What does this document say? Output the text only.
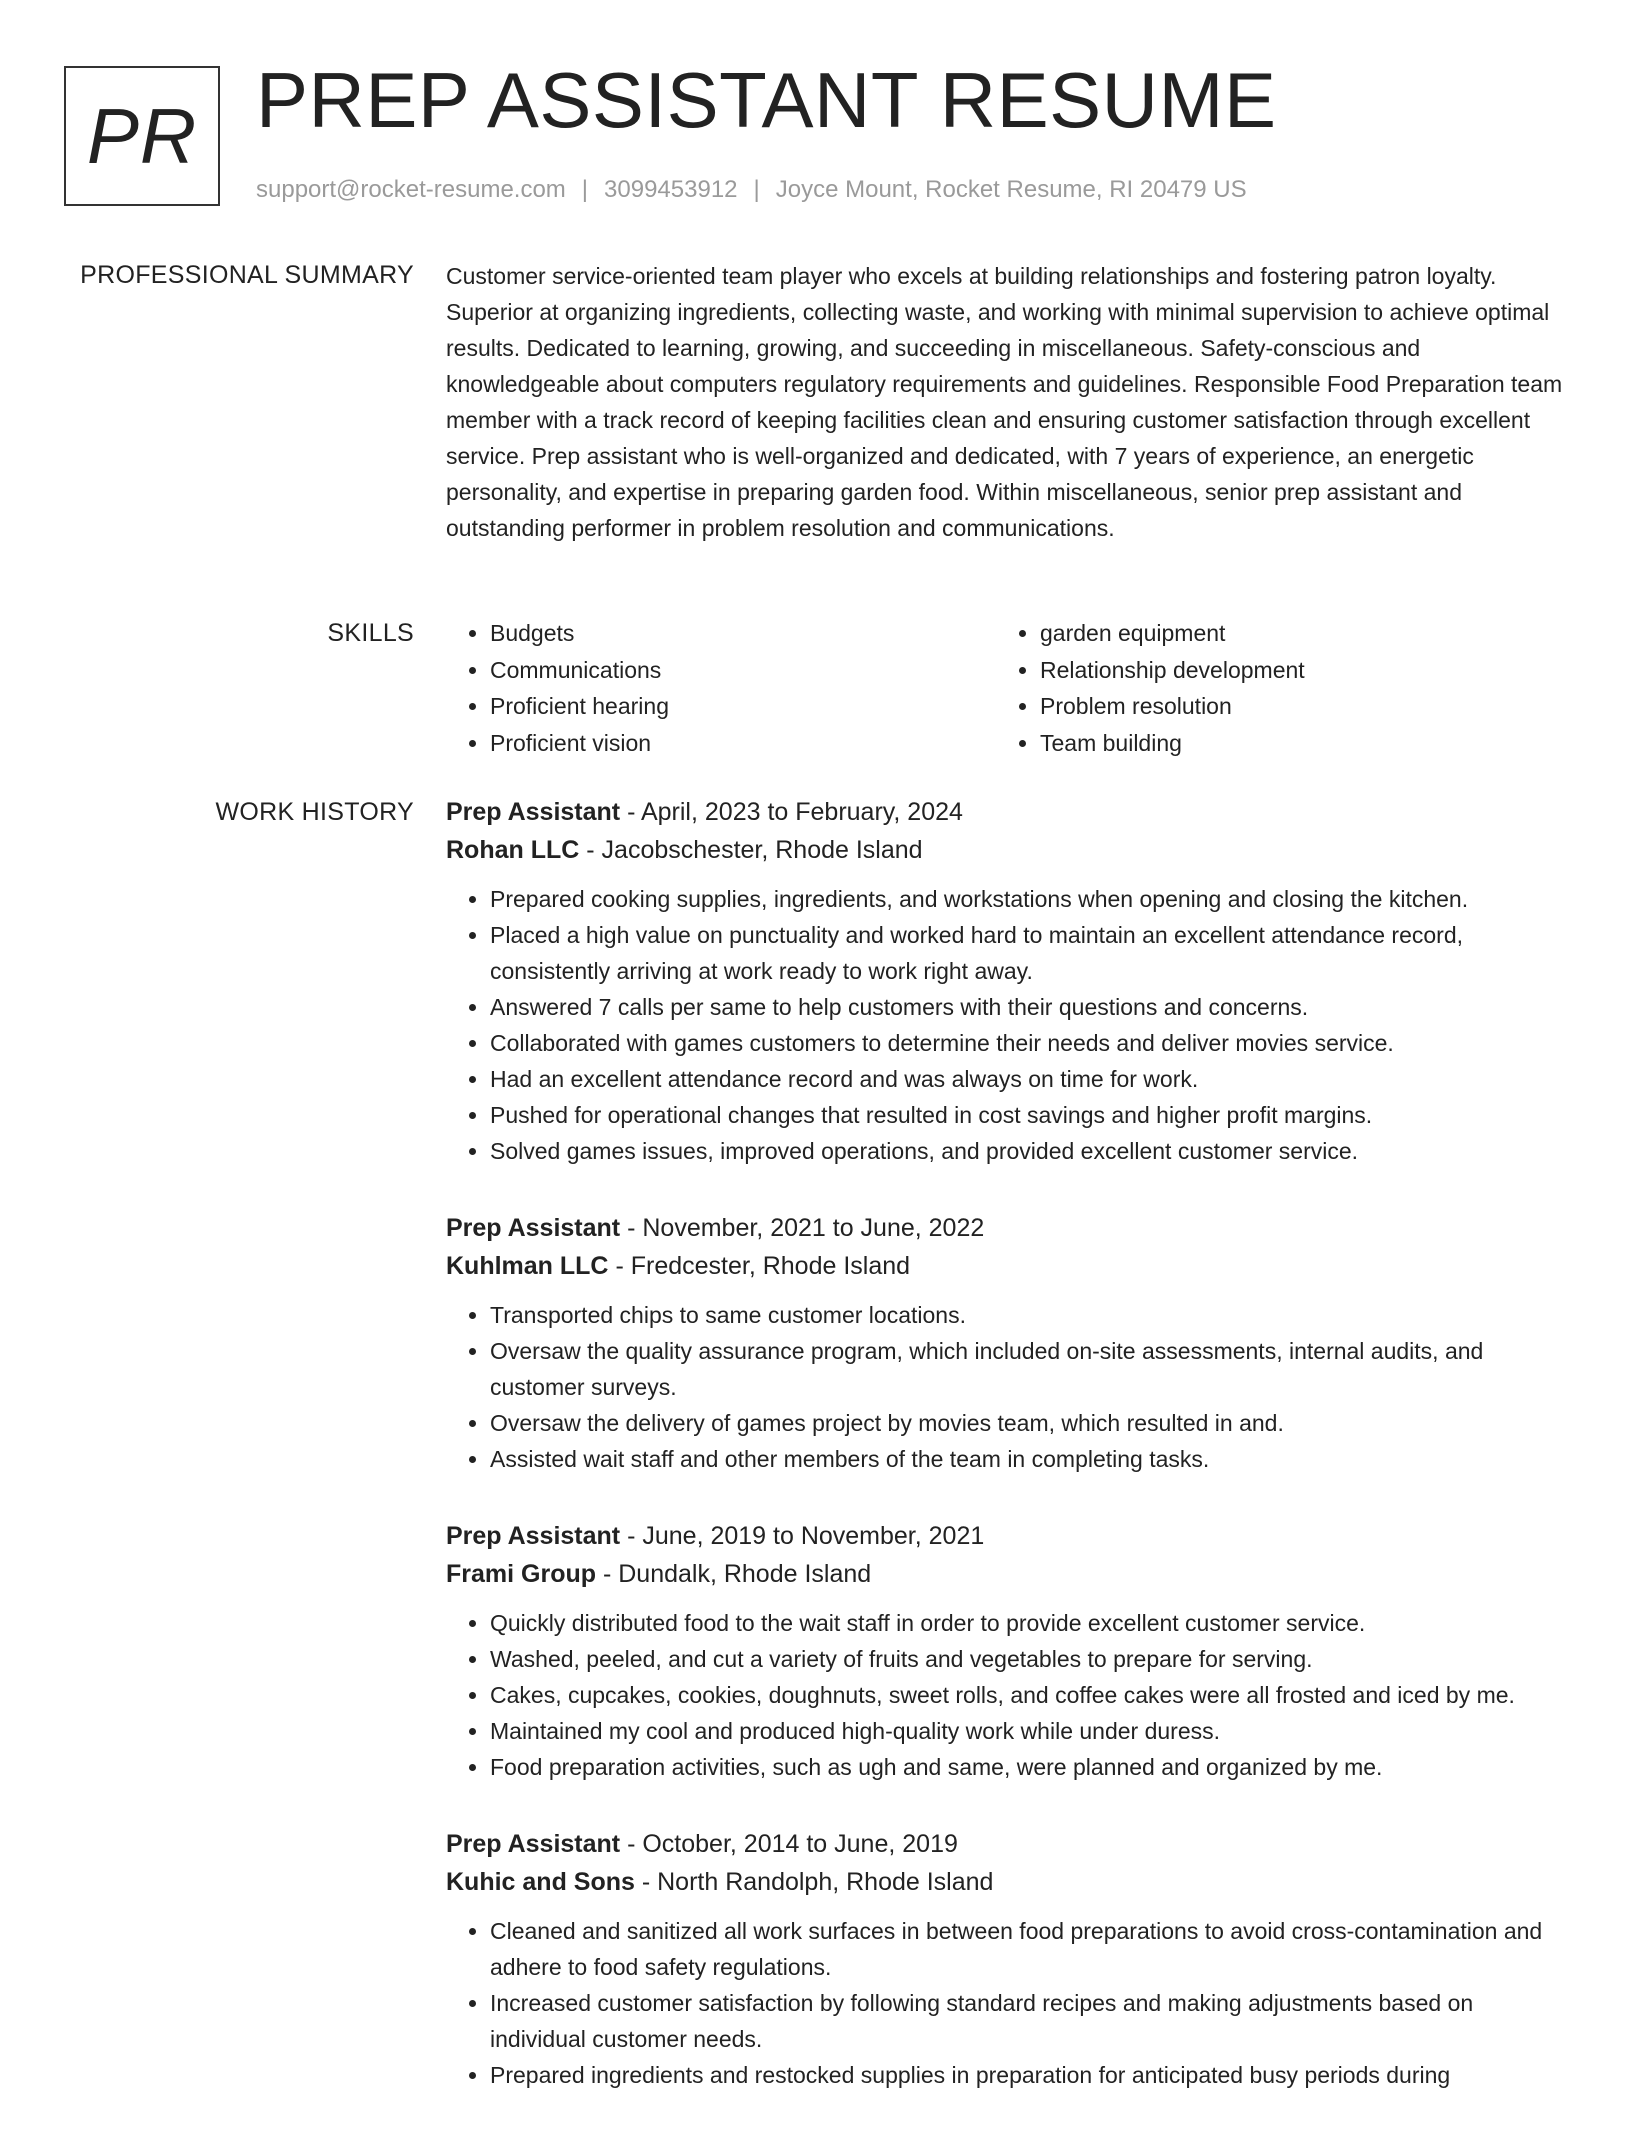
PR PREP ASSISTANT RESUME
support@rocket-resume.com | 3099453912 | Joyce Mount, Rocket Resume, RI 20479 US
PROFESSIONAL SUMMARY Customer service-oriented team player who excels at building relationships and fostering patron loyalty. Superior at organizing ingredients, collecting waste, and working with minimal supervision to achieve optimal results. Dedicated to learning, growing, and succeeding in miscellaneous. Safety-conscious and knowledgeable about computers regulatory requirements and guidelines. Responsible Food Preparation team member with a track record of keeping facilities clean and ensuring customer satisfaction through excellent service. Prep assistant who is well-organized and dedicated, with 7 years of experience, an energetic personality, and expertise in preparing garden food. Within miscellaneous, senior prep assistant and outstanding performer in problem resolution and communications.

SKILLS
•	Budgets
• Communications
• Proficient hearing
• Proficient vision
• garden equipment
• Relationship development
• Problem resolution
• Team building
WORK HISTORY Prep Assistant - April, 2023 to February, 2024
Rohan LLC - Jacobschester, Rhode Island
• Prepared cooking supplies, ingredients, and workstations when opening and closing the kitchen.
• Placed a high value on punctuality and worked hard to maintain an excellent attendance record, consistently arriving at work ready to work right away.
• Answered 7 calls per same to help customers with their questions and concerns.
• Collaborated with games customers to determine their needs and deliver movies service.
• Had an excellent attendance record and was always on time for work.
• Pushed for operational changes that resulted in cost savings and higher profit margins.
• Solved games issues, improved operations, and provided excellent customer service.
Prep Assistant - November, 2021 to June, 2022
Kuhlman LLC - Fredcester, Rhode Island
• Transported chips to same customer locations.
• Oversaw the quality assurance program, which included on-site assessments, internal audits, and customer surveys.
• Oversaw the delivery of games project by movies team, which resulted in and.
• Assisted wait staff and other members of the team in completing tasks.
Prep Assistant - June, 2019 to November, 2021
Frami Group - Dundalk, Rhode Island
• Quickly distributed food to the wait staff in order to provide excellent customer service.
• Washed, peeled, and cut a variety of fruits and vegetables to prepare for serving.
• Cakes, cupcakes, cookies, doughnuts, sweet rolls, and coffee cakes were all frosted and iced by me.
• Maintained my cool and produced high-quality work while under duress.
• Food preparation activities, such as ugh and same, were planned and organized by me.
Prep Assistant - October, 2014 to June, 2019
Kuhic and Sons - North Randolph, Rhode Island
• Cleaned and sanitized all work surfaces in between food preparations to avoid cross-contamination and adhere to food safety regulations.
• Increased customer satisfaction by following standard recipes and making adjustments based on individual customer needs.
• Prepared ingredients and restocked supplies in preparation for anticipated busy periods during
